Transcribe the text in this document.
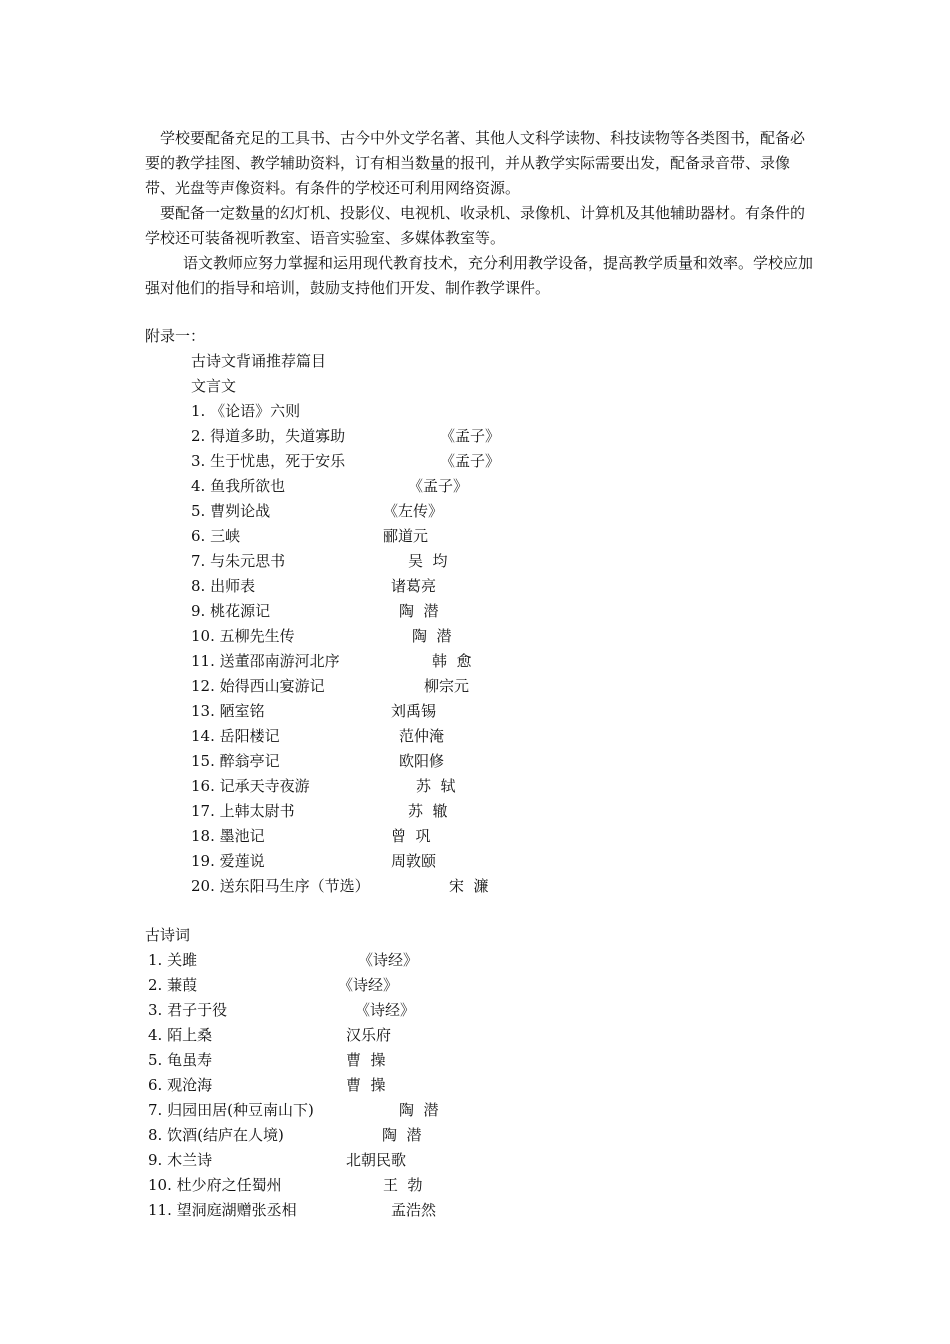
学校要配备充足的工具书、古今中外文学名著、其他人文科学读物、科技读物等各类图书，配备必要的教学挂图、教学辅助资料，订有相当数量的报刊，并从教学实际需要出发，配备录音带、录像带、光盘等声像资料。有条件的学校还可利用网络资源。

要配备一定数量的幻灯机、投影仪、电视机、收录机、录像机、计算机及其他辅助器材。有条件的学校还可装备视听教室、语音实验室、多媒体教室等。

语文教师应努力掌握和运用现代教育技术，充分利用教学设备，提高教学质量和效率。学校应加强对他们的指导和培训，鼓励支持他们开发、制作教学课件。

附录一：
古诗文背诵推荐篇目
文言文
1. 《论语》六则
2. 得道多助，失道寡助	《孟子》
3. 生于忧患，死于安乐	《孟子》
4. 鱼我所欲也	《孟子》
5. 曹刿论战	《左传》
6. 三峡	郦道元
7. 与朱元思书	吴  均
8. 出师表	诸葛亮
9. 桃花源记	陶  潜
10. 五柳先生传	陶  潜
11. 送董邵南游河北序	韩  愈
12. 始得西山宴游记	柳宗元
13. 陋室铭	刘禹锡
14. 岳阳楼记	范仲淹
15. 醉翁亭记	欧阳修
16. 记承天寺夜游	苏  轼
17. 上韩太尉书	苏  辙
18. 墨池记	曾  巩
19. 爱莲说	周敦颐
20. 送东阳马生序（节选）	宋  濂
古诗词
1. 关雎	《诗经》
2. 蒹葭	《诗经》
3. 君子于役	《诗经》
4. 陌上桑	汉乐府
5. 龟虽寿	曹  操
6. 观沧海	曹  操
7. 归园田居(种豆南山下)	陶  潜
8. 饮酒(结庐在人境)	陶  潜
9. 木兰诗	北朝民歌
10. 杜少府之任蜀州	王  勃
11. 望洞庭湖赠张丞相	孟浩然
